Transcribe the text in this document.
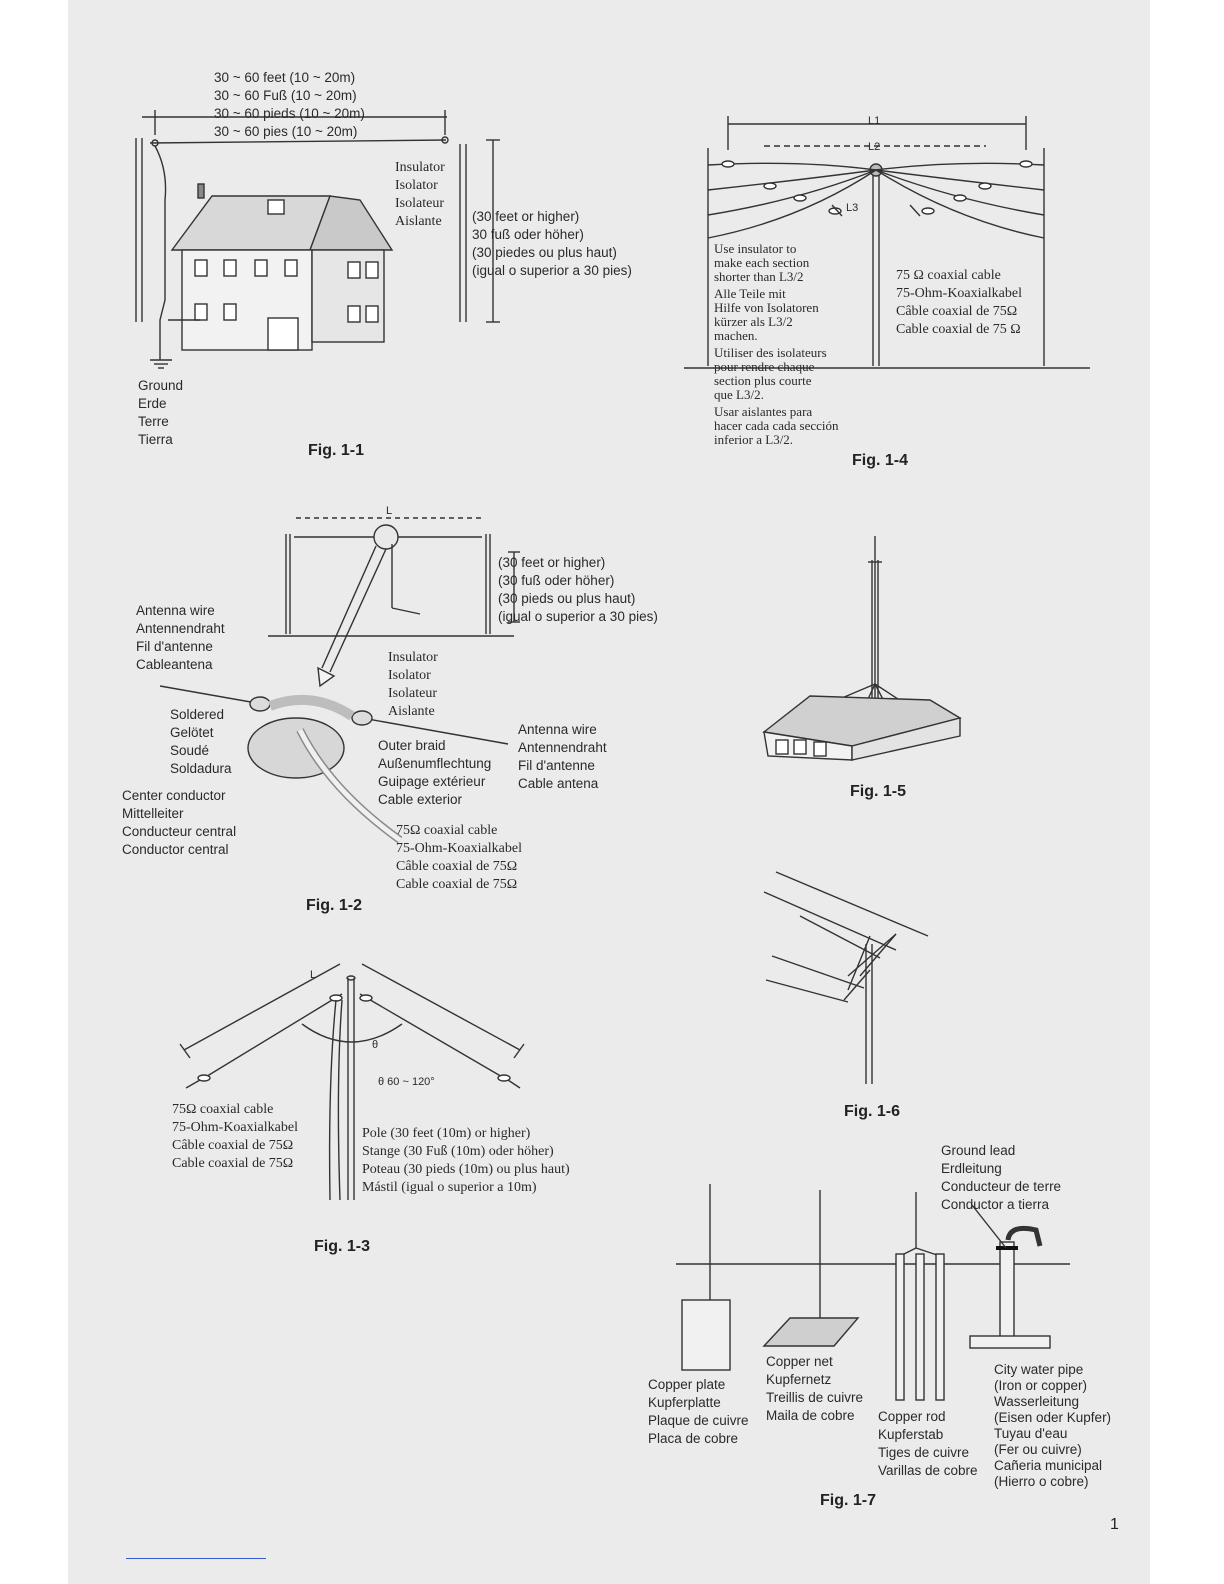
30 ~ 60 feet (10 ~ 20m)
30 ~ 60 Fuß (10 ~ 20m)
30 ~ 60 pieds (10 ~ 20m)
30 ~ 60 pies (10 ~ 20m)
Insulator
Isolator
Isolateur
Aislante (30 feet or higher)
30 fuß oder höher)
(30 piedes ou plus haut)
(igual o superior a 30 pies)
Ground
Erde
Terre
Tierra
Fig. 1-1
L1
L2
L3
Use insulator to
make each section
shorter than L3/2
Alle Teile mit
Hilfe von Isolatoren
kürzer als L3/2
machen.
Utiliser des isolateurs
pour rendre chaque
section plus courte
que L3/2.
Usar aislantes para
hacer cada cada sección
inferior a L3/2.
75 Ω coaxial cable
75-Ohm-Koaxialkabel
Câble coaxial de 75Ω
Cable coaxial de 75 Ω
Fig. 1-4
L
(30 feet or higher)
(30 fuß oder höher)
(30 pieds ou plus haut)
(igual o superior a 30 pies)
Antenna wire
Antennendraht
Fil d'antenne
Cableantena	Insulator
Isolator
Isolateur
Aislante
Soldered
Gelötet
Soudé
Soldadura
Antenna wire
Antennendraht
Fil d'antenne
Cable antena
Outer braid
Außenumflechtung
Guipage extérieur
Cable exterior
Center conductor
Mittelleiter
Conducteur central
Conductor central
75Ω coaxial cable
75-Ohm-Koaxialkabel
Câble coaxial de 75Ω
Cable coaxial de 75Ω
Fig. 1-2
Fig. 1-5
Fig. 1-6
L
θ
θ 60 ~ 120°
75Ω coaxial cable
75-Ohm-Koaxialkabel
Câble coaxial de 75Ω
Cable coaxial de 75Ω
Pole (30 feet (10m) or higher)
Stange (30 Fuß (10m) oder höher)
Poteau (30 pieds (10m) ou plus haut)
Mástil (igual o superior a 10m)
Fig. 1-3
Ground lead
Erdleitung
Conducteur de terre
Conductor a tierra
Copper net
Kupfernetz
Treillis de cuivre
Maila de cobre
City water pipe
(Iron or copper)
Wasserleitung
(Eisen oder Kupfer)
Tuyau d'eau
(Fer ou cuivre)
Cañeria municipal
(Hierro o cobre)
Copper plate
Kupferplatte
Plaque de cuivre
Placa de cobre
Copper rod
Kupferstab
Tiges de cuivre
Varillas de cobre
Fig. 1-7
1
